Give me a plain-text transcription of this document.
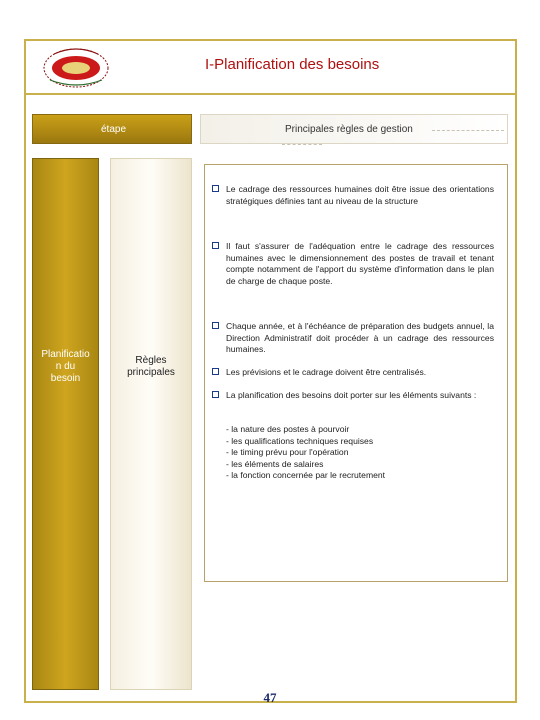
I-Planification des besoins
étape	Principales règles de gestion
Planificatio
n du
besoin
Règles
principales
Le cadrage des ressources humaines doit être issue des orientations stratégiques définies tant au niveau de la structure
Il faut s'assurer de l'adéquation entre le cadrage des ressources humaines avec le dimensionnement des postes de travail et tenant compte notamment de l'apport du système d'information dans le plan de charge de chaque poste.
Chaque année, et à l'échéance de préparation des budgets annuel, la Direction Administratif doit procéder à un cadrage des ressources humaines.
Les prévisions et le cadrage doivent être centralisés.
La planification des besoins doit porter sur les éléments suivants :
- la nature des postes à pourvoir
- les qualifications techniques requises
- le timing prévu pour l'opération
- les éléments de salaires
- la fonction concernée par le recrutement
47
